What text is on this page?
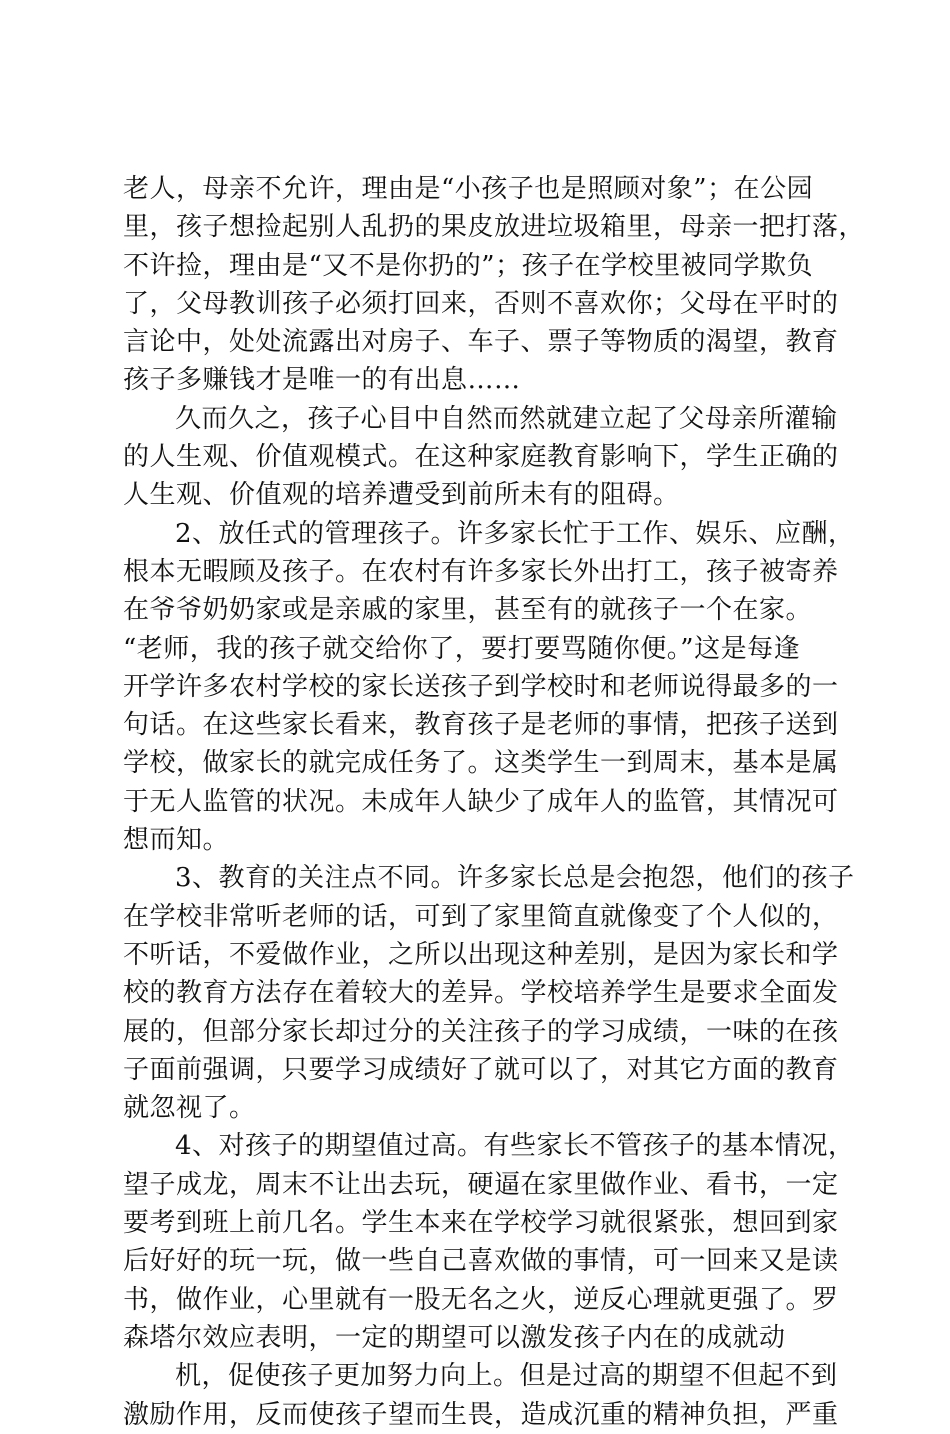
老人，母亲不允许，理由是“小孩子也是照顾对象”；在公园
里，孩子想捡起别人乱扔的果皮放进垃圾箱里，母亲一把打落，
不许捡，理由是“又不是你扔的”；孩子在学校里被同学欺负
了，父母教训孩子必须打回来，否则不喜欢你；父母在平时的
言论中，处处流露出对房子、车子、票子等物质的渴望，教育
孩子多赚钱才是唯一的有出息……
久而久之，孩子心目中自然而然就建立起了父母亲所灌输
的人生观、价值观模式。在这种家庭教育影响下，学生正确的
人生观、价值观的培养遭受到前所未有的阻碍。
2、放任式的管理孩子。许多家长忙于工作、娱乐、应酬，
根本无暇顾及孩子。在农村有许多家长外出打工，孩子被寄养
在爷爷奶奶家或是亲戚的家里，甚至有的就孩子一个在家。
“老师，我的孩子就交给你了，要打要骂随你便。”这是每逢
开学许多农村学校的家长送孩子到学校时和老师说得最多的一
句话。在这些家长看来，教育孩子是老师的事情，把孩子送到
学校，做家长的就完成任务了。这类学生一到周末，基本是属
于无人监管的状况。未成年人缺少了成年人的监管，其情况可
想而知。
3、教育的关注点不同。许多家长总是会抱怨，他们的孩子
在学校非常听老师的话，可到了家里简直就像变了个人似的，
不听话，不爱做作业，之所以出现这种差别，是因为家长和学
校的教育方法存在着较大的差异。学校培养学生是要求全面发
展的，但部分家长却过分的关注孩子的学习成绩，一味的在孩
子面前强调，只要学习成绩好了就可以了，对其它方面的教育
就忽视了。
4、对孩子的期望值过高。有些家长不管孩子的基本情况，
望子成龙，周末不让出去玩，硬逼在家里做作业、看书，一定
要考到班上前几名。学生本来在学校学习就很紧张，想回到家
后好好的玩一玩，做一些自己喜欢做的事情，可一回来又是读
书，做作业，心里就有一股无名之火，逆反心理就更强了。罗
森塔尔效应表明，一定的期望可以激发孩子内在的成就动
机，促使孩子更加努力向上。但是过高的期望不但起不到
激励作用，反而使孩子望而生畏，造成沉重的精神负担，严重
